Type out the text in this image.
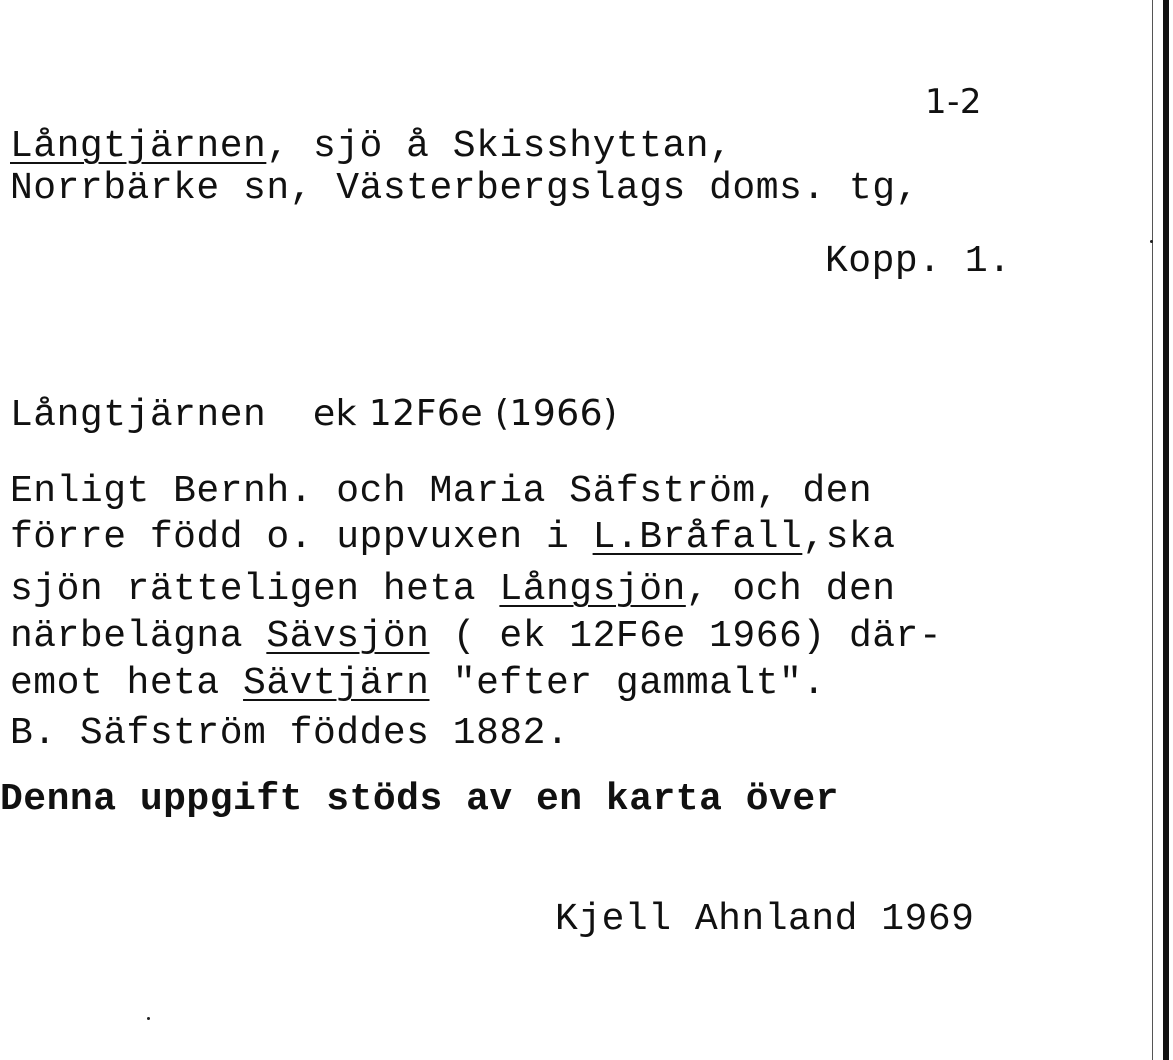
1-2
Långtjärnen, sjö å Skisshyttan,
Norrbärke sn, Västerbergslags doms. tg,
Kopp. 1.
Långtjärnen ek 12F6e (1966)
Enligt Bernh. och Maria Säfström, den
förre född o. uppvuxen i L.Bråfall,ska
sjön rätteligen heta Långsjön, och den
närbelägna Sävsjön ( ek 12F6e 1966) där-
emot heta Sävtjärn "efter gammalt".
B. Säfström föddes 1882.
Denna uppgift stöds av en karta över
Kjell Ahnland 1969
